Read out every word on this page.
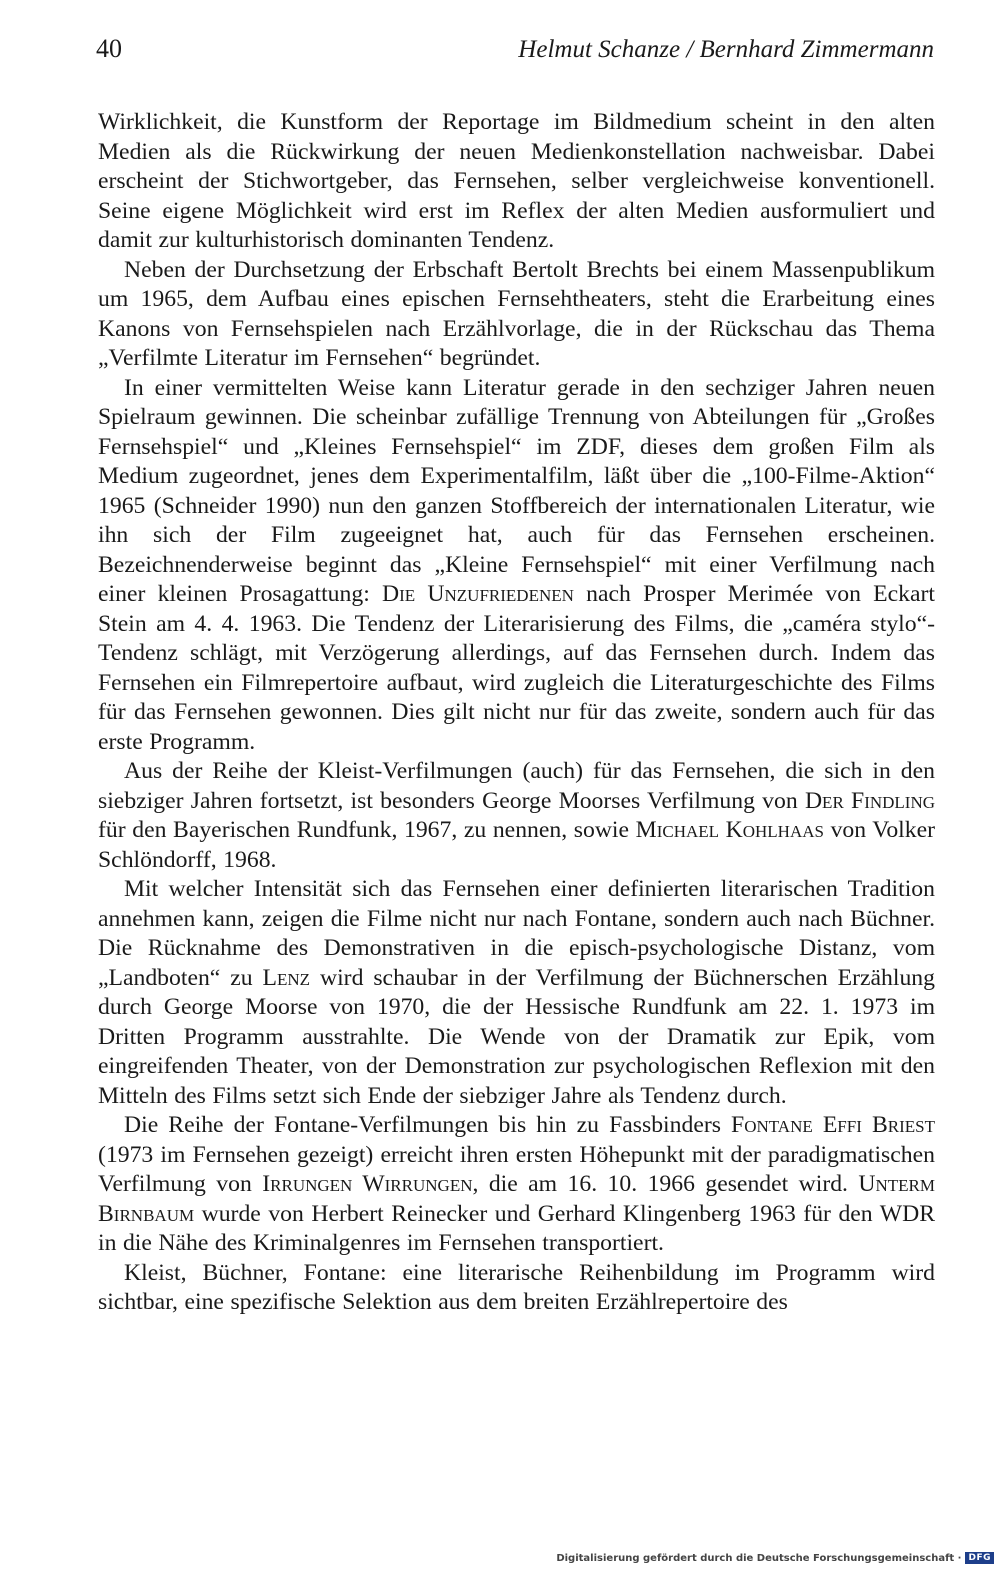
40	Helmut Schanze / Bernhard Zimmermann

Wirklichkeit, die Kunstform der Reportage im Bildmedium scheint in den alten Medien als die Rückwirkung der neuen Medienkonstellation nachweisbar. Dabei erscheint der Stichwortgeber, das Fernsehen, selber vergleichweise konventionell. Seine eigene Möglichkeit wird erst im Reflex der alten Medien ausformuliert und damit zur kulturhistorisch dominanten Tendenz.

Neben der Durchsetzung der Erbschaft Bertolt Brechts bei einem Massenpublikum um 1965, dem Aufbau eines epischen Fernsehtheaters, steht die Erarbeitung eines Kanons von Fernsehspielen nach Erzählvorlage, die in der Rückschau das Thema „Verfilmte Literatur im Fernsehen“ begründet.

In einer vermittelten Weise kann Literatur gerade in den sechziger Jahren neuen Spielraum gewinnen. Die scheinbar zufällige Trennung von Abteilungen für „Großes Fernsehspiel“ und „Kleines Fernsehspiel“ im ZDF, dieses dem großen Film als Medium zugeordnet, jenes dem Experimentalfilm, läßt über die „100-Filme-Aktion“ 1965 (Schneider 1990) nun den ganzen Stoffbereich der internationalen Literatur, wie ihn sich der Film zugeeignet hat, auch für das Fernsehen erscheinen. Bezeichnenderweise beginnt das „Kleine Fernsehspiel“ mit einer Verfilmung nach einer kleinen Prosagattung: Die Unzufriedenen nach Prosper Merimée von Eckart Stein am 4. 4. 1963. Die Tendenz der Literarisierung des Films, die „caméra stylo“-Tendenz schlägt, mit Verzögerung allerdings, auf das Fernsehen durch. Indem das Fernsehen ein Filmrepertoire aufbaut, wird zugleich die Literaturgeschichte des Films für das Fernsehen gewonnen. Dies gilt nicht nur für das zweite, sondern auch für das erste Programm.

Aus der Reihe der Kleist-Verfilmungen (auch) für das Fernsehen, die sich in den siebziger Jahren fortsetzt, ist besonders George Moorses Verfilmung von Der Findling für den Bayerischen Rundfunk, 1967, zu nennen, sowie Michael Kohlhaas von Volker Schlöndorff, 1968.

Mit welcher Intensität sich das Fernsehen einer definierten literarischen Tradition annehmen kann, zeigen die Filme nicht nur nach Fontane, sondern auch nach Büchner. Die Rücknahme des Demonstrativen in die episch-psychologische Distanz, vom „Landboten“ zu Lenz wird schaubar in der Verfilmung der Büchnerschen Erzählung durch George Moorse von 1970, die der Hessische Rundfunk am 22. 1. 1973 im Dritten Programm ausstrahlte. Die Wende von der Dramatik zur Epik, vom eingreifenden Theater, von der Demonstration zur psychologischen Reflexion mit den Mitteln des Films setzt sich Ende der siebziger Jahre als Tendenz durch.

Die Reihe der Fontane-Verfilmungen bis hin zu Fassbinders Fontane Effi Briest (1973 im Fernsehen gezeigt) erreicht ihren ersten Höhepunkt mit der paradigmatischen Verfilmung von Irrungen Wirrungen, die am 16. 10. 1966 gesendet wird. Unterm Birnbaum wurde von Herbert Reinecker und Gerhard Klingenberg 1963 für den WDR in die Nähe des Kriminalgenres im Fernsehen transportiert.

Kleist, Büchner, Fontane: eine literarische Reihenbildung im Programm wird sichtbar, eine spezifische Selektion aus dem breiten Erzählrepertoire des

Digitalisierung gefördert durch die Deutsche Forschungsgemeinschaft · DFG
